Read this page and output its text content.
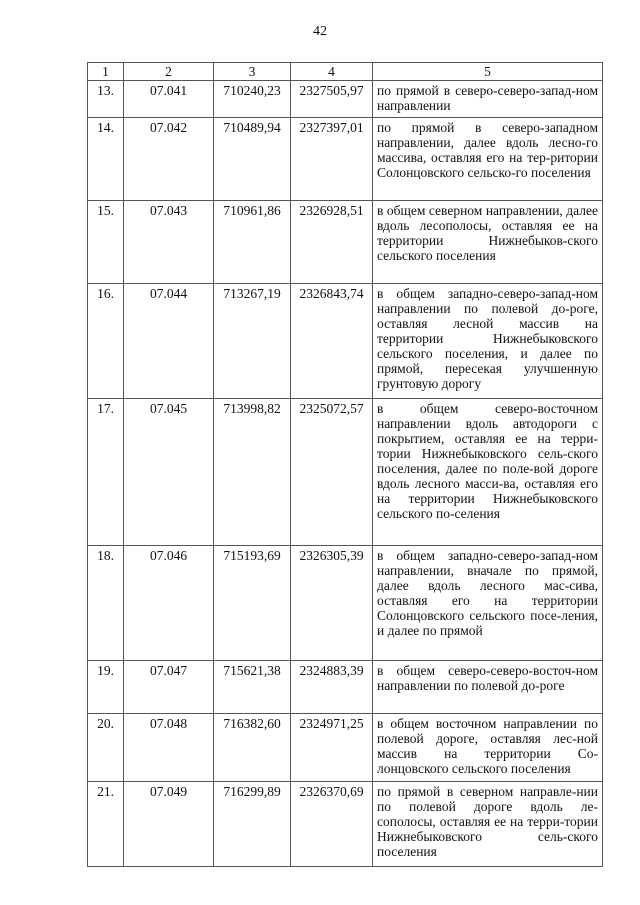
42
1	2	3	4	5
13.	07.041	710240,23	2327505,97	по прямой в северо-северо-запад-ном направлении
14.	07.042	710489,94	2327397,01	по прямой в северо-западном направлении, далее вдоль лесно-го массива, оставляя его на тер-ритории Солонцовского сельско-го поселения
15.	07.043	710961,86	2326928,51	в общем северном направлении, далее вдоль лесополосы, оставляя ее на территории Нижнебыков-ского сельского поселения
16.	07.044	713267,19	2326843,74	в общем западно-северо-запад-ном направлении по полевой до-роге, оставляя лесной массив на территории Нижнебыковского сельского поселения, и далее по прямой, пересекая улучшенную грунтовую дорогу
17.	07.045	713998,82	2325072,57	в общем северо-восточном направлении вдоль автодороги с покрытием, оставляя ее на терри-тории Нижнебыковского сель-ского поселения, далее по поле-вой дороге вдоль лесного масси-ва, оставляя его на территории Нижнебыковского сельского по-селения
18.	07.046	715193,69	2326305,39	в общем западно-северо-запад-ном направлении, вначале по прямой, далее вдоль лесного мас-сива, оставляя его на территории Солонцовского сельского посе-ления, и далее по прямой
19.	07.047	715621,38	2324883,39	в общем северо-северо-восточ-ном направлении по полевой до-роге
20.	07.048	716382,60	2324971,25	в общем восточном направлении по полевой дороге, оставляя лес-ной массив на территории Со-лонцовского сельского поселения
21.	07.049	716299,89	2326370,69	по прямой в северном направле-нии по полевой дороге вдоль ле-сополосы, оставляя ее на терри-тории Нижнебыковского сель-ского поселения
